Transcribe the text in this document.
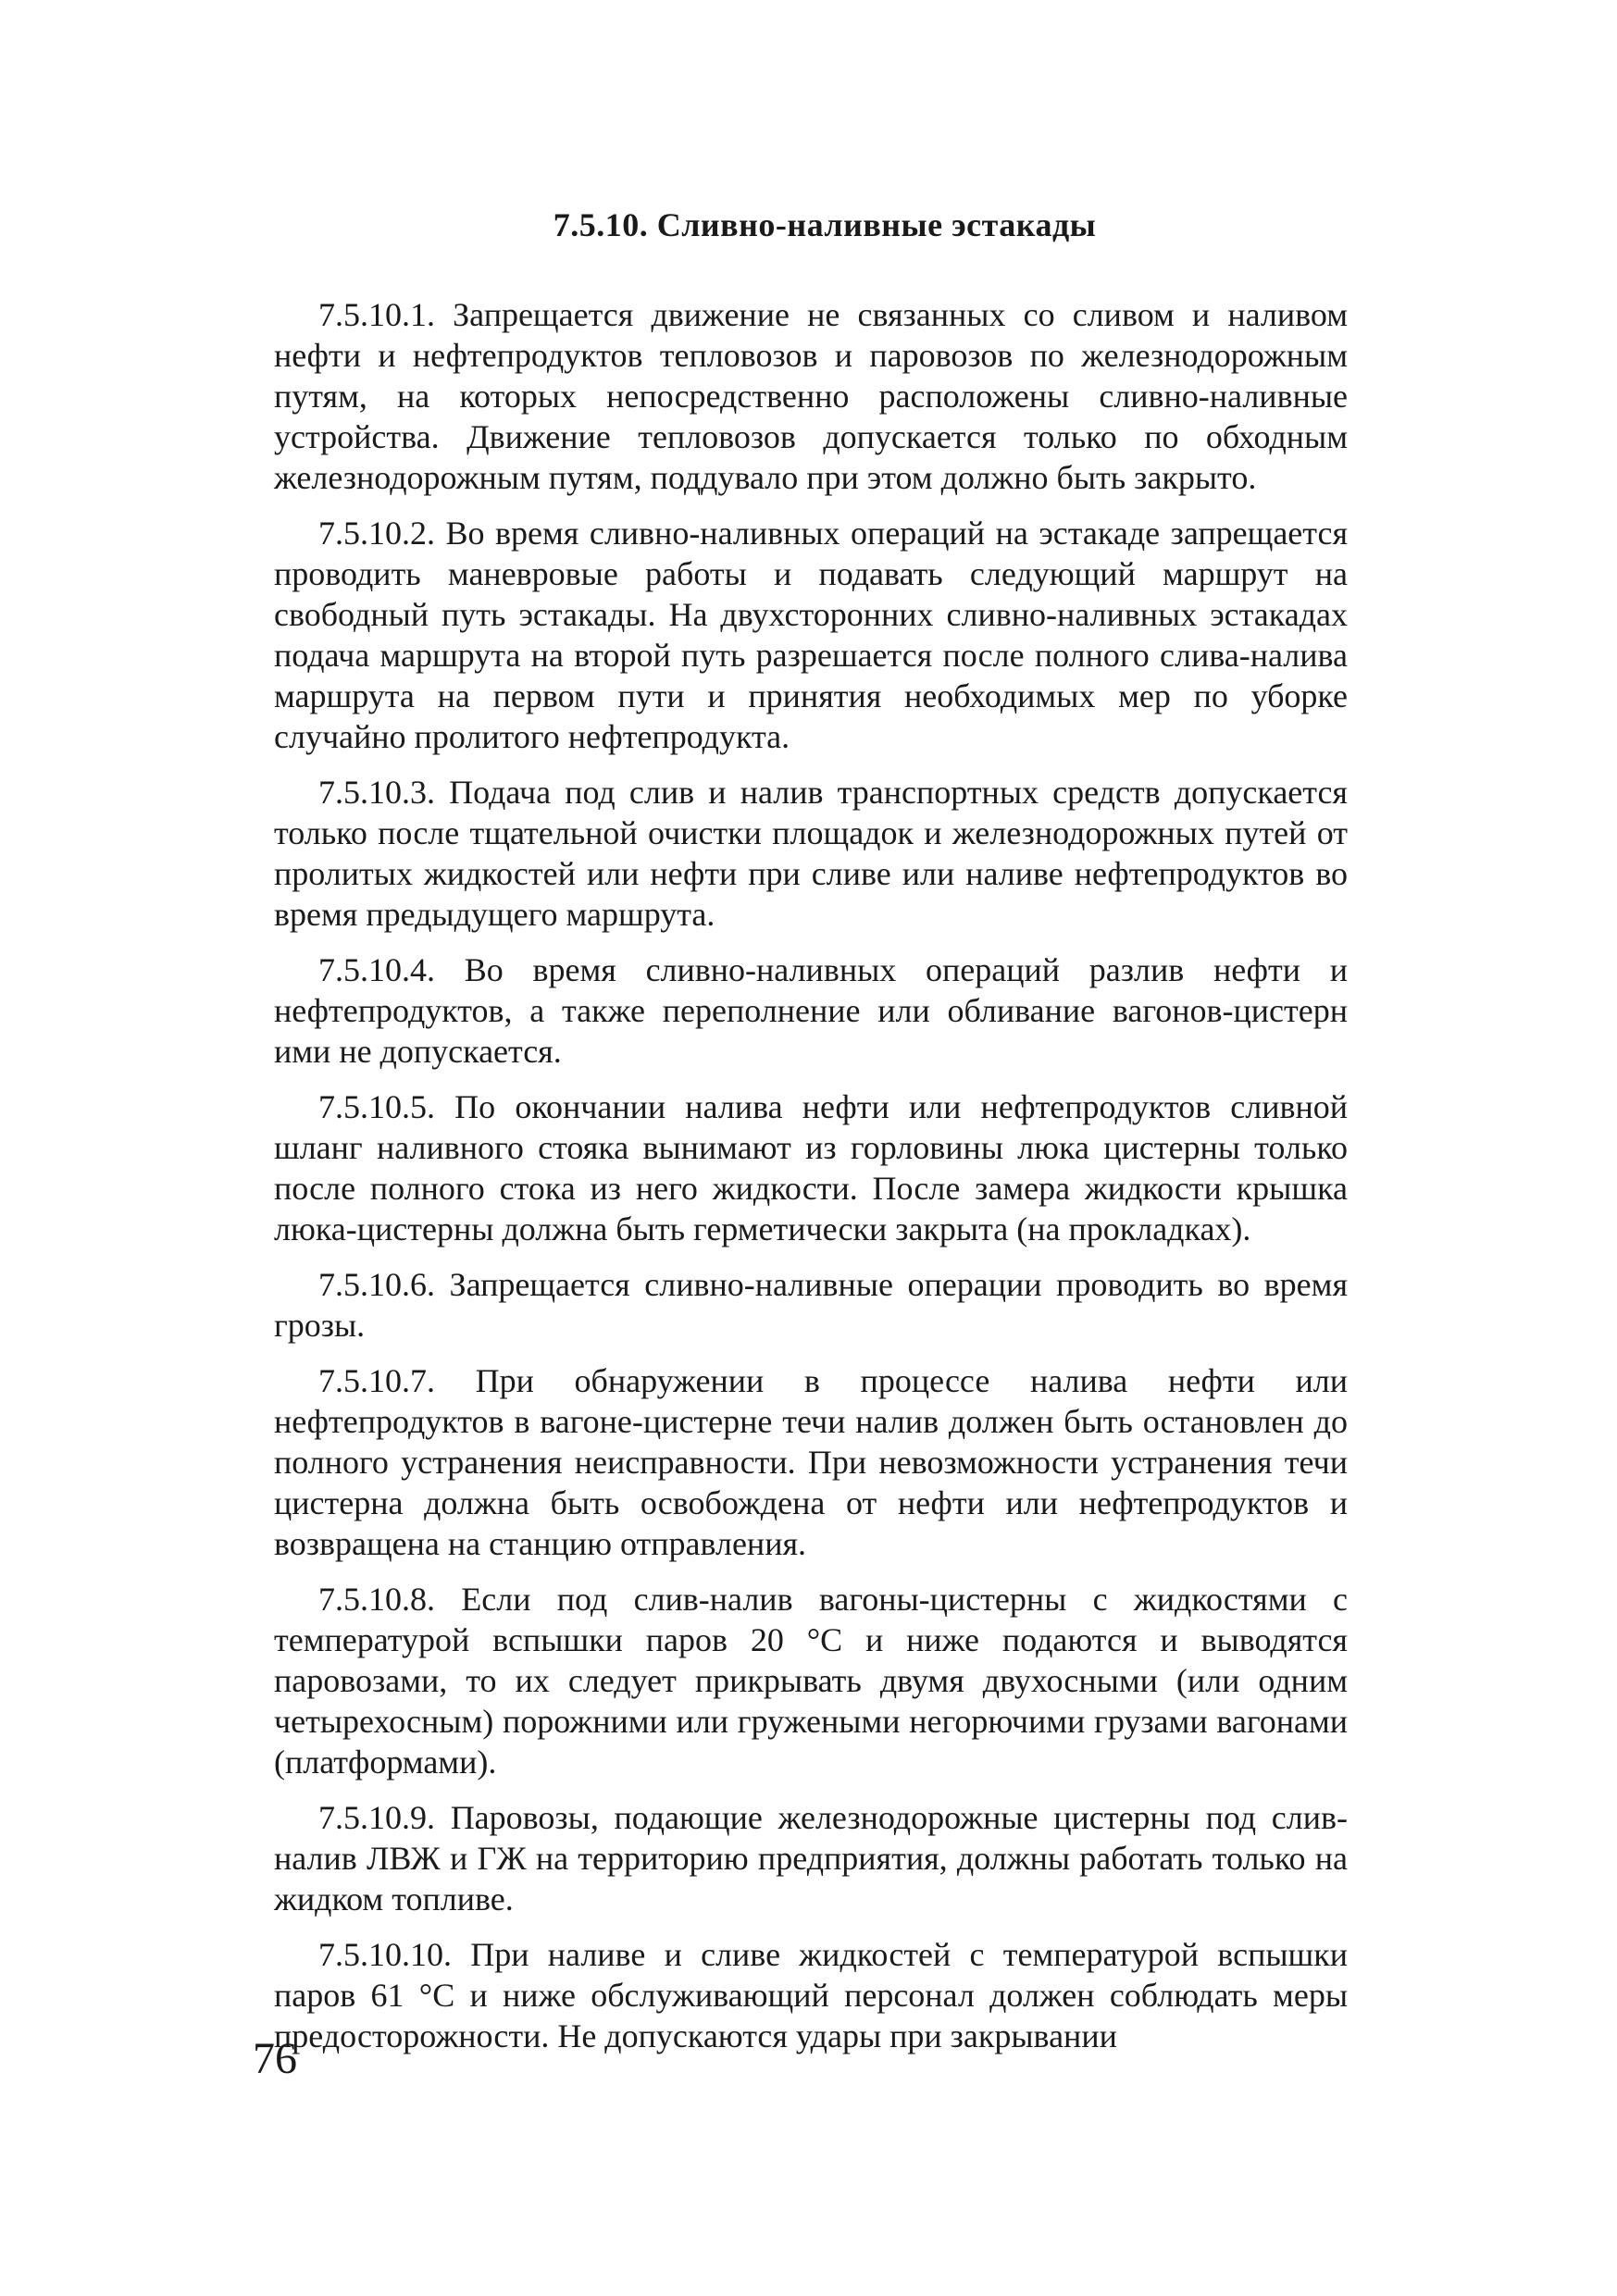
7.5.10. Сливно-наливные эстакады

7.5.10.1. Запрещается движение не связанных со сливом и наливом нефти и нефтепродуктов тепловозов и паровозов по железнодорожным путям, на которых непосредственно расположены сливно-наливные устройства. Движение тепловозов допускается только по обходным железнодорожным путям, поддувало при этом должно быть закрыто.

7.5.10.2. Во время сливно-наливных операций на эстакаде запрещается проводить маневровые работы и подавать следующий маршрут на свободный путь эстакады. На двухсторонних сливно-наливных эстакадах подача маршрута на второй путь разрешается после полного слива-налива маршрута на первом пути и принятия необходимых мер по уборке случайно пролитого нефтепродукта.

7.5.10.3. Подача под слив и налив транспортных средств допускается только после тщательной очистки площадок и железнодорожных путей от пролитых жидкостей или нефти при сливе или наливе нефтепродуктов во время предыдущего маршрута.

7.5.10.4. Во время сливно-наливных операций разлив нефти и нефтепродуктов, а также переполнение или обливание вагонов-цистерн ими не допускается.

7.5.10.5. По окончании налива нефти или нефтепродуктов сливной шланг наливного стояка вынимают из горловины люка цистерны только после полного стока из него жидкости. После замера жидкости крышка люка-цистерны должна быть герметически закрыта (на прокладках).

7.5.10.6. Запрещается сливно-наливные операции проводить во время грозы.

7.5.10.7. При обнаружении в процессе налива нефти или нефтепродуктов в вагоне-цистерне течи налив должен быть остановлен до полного устранения неисправности. При невозможности устранения течи цистерна должна быть освобождена от нефти или нефтепродуктов и возвращена на станцию отправления.

7.5.10.8. Если под слив-налив вагоны-цистерны с жидкостями с температурой вспышки паров 20 °С и ниже подаются и выводятся паровозами, то их следует прикрывать двумя двухосными (или одним четырехосным) порожними или гружеными негорючими грузами вагонами (платформами).

7.5.10.9. Паровозы, подающие железнодорожные цистерны под слив-налив ЛВЖ и ГЖ на территорию предприятия, должны работать только на жидком топливе.

7.5.10.10. При наливе и сливе жидкостей с температурой вспышки паров 61 °С и ниже обслуживающий персонал должен соблюдать меры предосторожности. Не допускаются удары при закрывании

76
